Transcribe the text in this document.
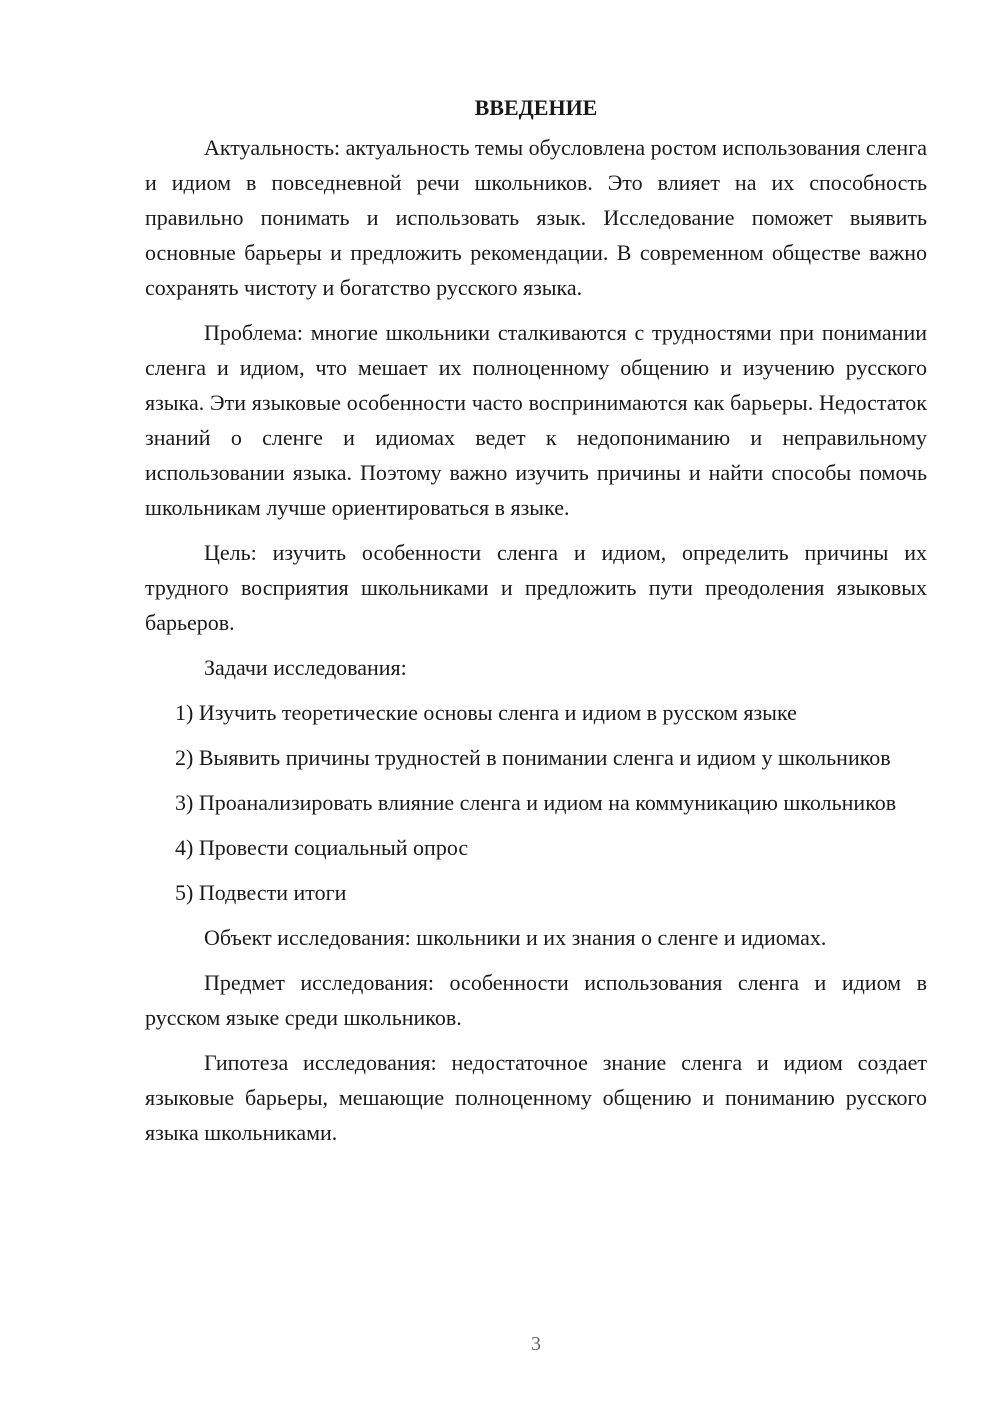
ВВЕДЕНИЕ

Актуальность: актуальность темы обусловлена ростом использования сленга и идиом в повседневной речи школьников. Это влияет на их способность правильно понимать и использовать язык. Исследование поможет выявить основные барьеры и предложить рекомендации. В современном обществе важно сохранять чистоту и богатство русского языка.

Проблема: многие школьники сталкиваются с трудностями при понимании сленга и идиом, что мешает их полноценному общению и изучению русского языка. Эти языковые особенности часто воспринимаются как барьеры. Недостаток знаний о сленге и идиомах ведет к недопониманию и неправильному использовании языка. Поэтому важно изучить причины и найти способы помочь школьникам лучше ориентироваться в языке.

Цель: изучить особенности сленга и идиом, определить причины их трудного восприятия школьниками и предложить пути преодоления языковых барьеров.

Задачи исследования:

1) Изучить теоретические основы сленга и идиом в русском языке

2) Выявить причины трудностей в понимании сленга и идиом у школьников

3) Проанализировать влияние сленга и идиом на коммуникацию школьников

4) Провести социальный опрос

5) Подвести итоги

Объект исследования: школьники и их знания о сленге и идиомах.

Предмет исследования: особенности использования сленга и идиом в русском языке среди школьников.

Гипотеза исследования: недостаточное знание сленга и идиом создает языковые барьеры, мешающие полноценному общению и пониманию русского языка школьниками.

3
